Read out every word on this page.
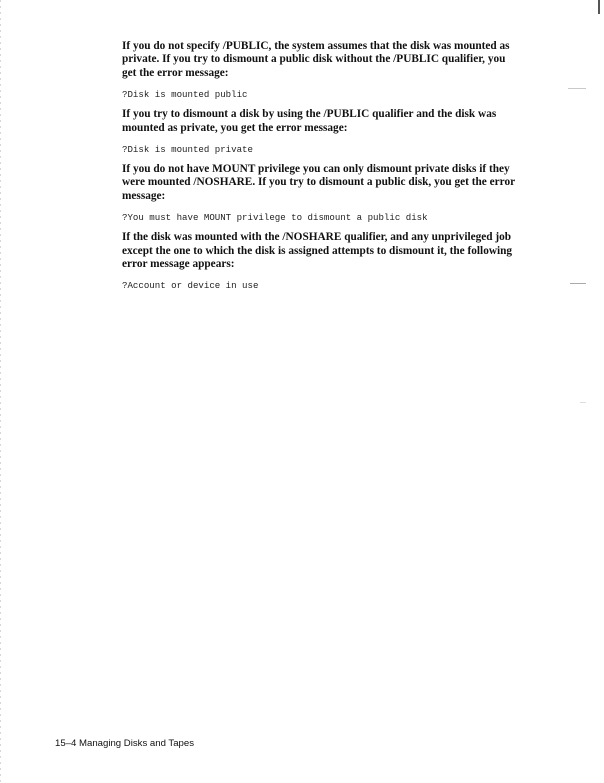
If you do not specify /PUBLIC, the system assumes that the disk was mounted as private. If you try to dismount a public disk without the /PUBLIC qualifier, you get the error message:

?Disk is mounted public

If you try to dismount a disk by using the /PUBLIC qualifier and the disk was mounted as private, you get the error message:

?Disk is mounted private

If you do not have MOUNT privilege you can only dismount private disks if they were mounted /NOSHARE. If you try to dismount a public disk, you get the error message:

?You must have MOUNT privilege to dismount a public disk

If the disk was mounted with the /NOSHARE qualifier, and any unprivileged job except the one to which the disk is assigned attempts to dismount it, the following error message appears:

?Account or device in use

15–4 Managing Disks and Tapes
